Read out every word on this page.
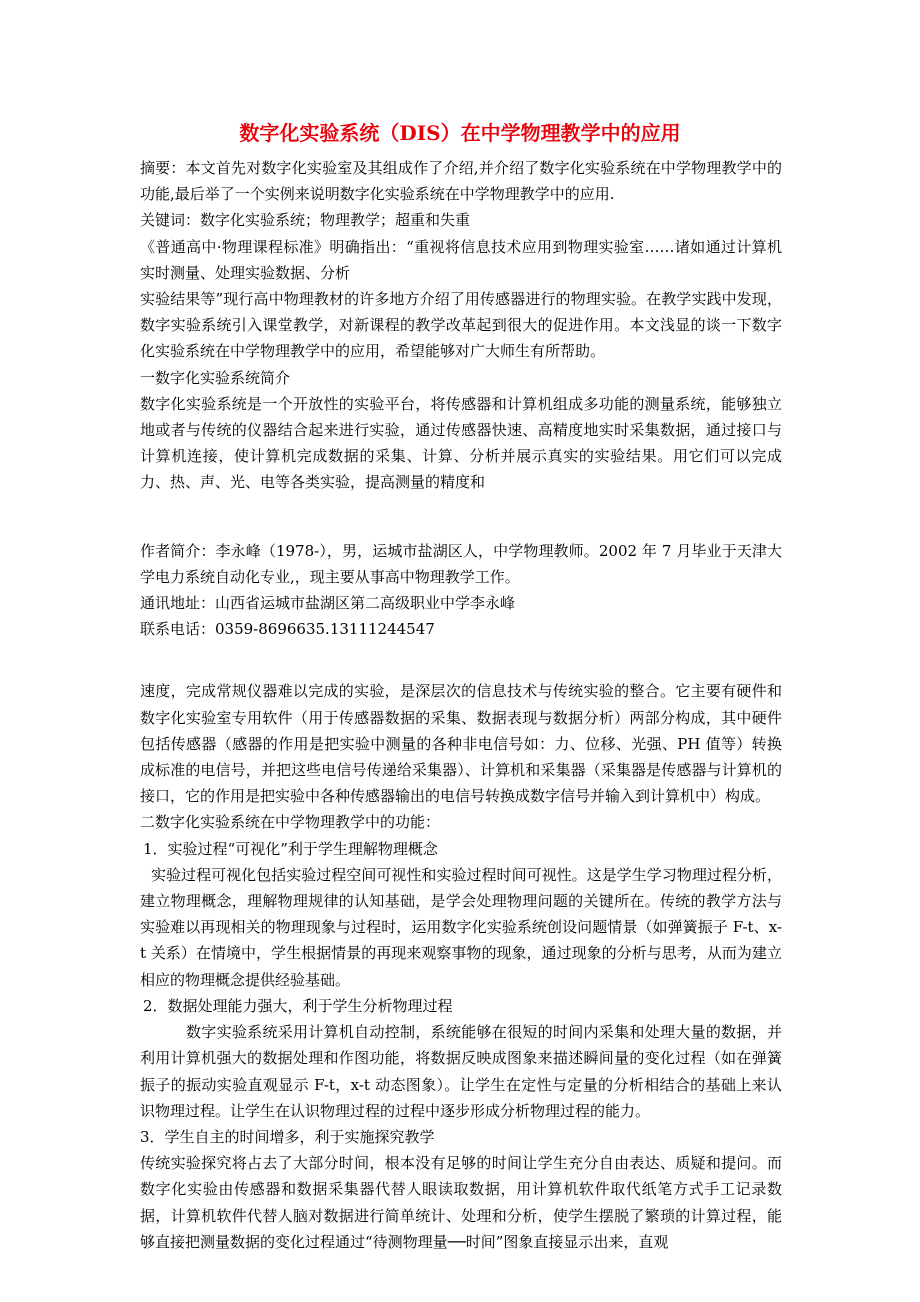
数字化实验系统（DIS）在中学物理教学中的应用

摘要：本文首先对数字化实验室及其组成作了介绍,并介绍了数字化实验系统在中学物理教学中的功能,最后举了一个实例来说明数字化实验系统在中学物理教学中的应用.

关键词：数字化实验系统；物理教学；超重和失重

《普通高中·物理课程标准》明确指出：“重视将信息技术应用到物理实验室……诸如通过计算机实时测量、处理实验数据、分析

实验结果等”现行高中物理教材的许多地方介绍了用传感器进行的物理实验。在教学实践中发现，数字实验系统引入课堂教学，对新课程的教学改革起到很大的促进作用。本文浅显的谈一下数字化实验系统在中学物理教学中的应用，希望能够对广大师生有所帮助。

一数字化实验系统简介

数字化实验系统是一个开放性的实验平台，将传感器和计算机组成多功能的测量系统，能够独立地或者与传统的仪器结合起来进行实验，通过传感器快速、高精度地实时采集数据，通过接口与计算机连接，使计算机完成数据的采集、计算、分析并展示真实的实验结果。用它们可以完成力、热、声、光、电等各类实验，提高测量的精度和

作者简介：李永峰（1978-），男，运城市盐湖区人，中学物理教师。2002 年 7 月毕业于天津大学电力系统自动化专业,，现主要从事高中物理教学工作。

通讯地址：山西省运城市盐湖区第二高级职业中学李永峰

联系电话：0359-8696635.13111244547

速度，完成常规仪器难以完成的实验，是深层次的信息技术与传统实验的整合。它主要有硬件和数字化实验室专用软件（用于传感器数据的采集、数据表现与数据分析）两部分构成，其中硬件包括传感器（感器的作用是把实验中测量的各种非电信号如：力、位移、光强、PH 值等）转换成标准的电信号，并把这些电信号传递给采集器）、计算机和采集器（采集器是传感器与计算机的接口，它的作用是把实验中各种传感器输出的电信号转换成数字信号并输入到计算机中）构成。

二数字化实验系统在中学物理教学中的功能：

1．实验过程“可视化”利于学生理解物理概念

实验过程可视化包括实验过程空间可视性和实验过程时间可视性。这是学生学习物理过程分析，建立物理概念，理解物理规律的认知基础，是学会处理物理问题的关键所在。传统的教学方法与实验难以再现相关的物理现象与过程时，运用数字化实验系统创设问题情景（如弹簧振子 F-t、x-t 关系）在情境中，学生根据情景的再现来观察事物的现象，通过现象的分析与思考，从而为建立相应的物理概念提供经验基础。

2．数据处理能力强大，利于学生分析物理过程

数字实验系统采用计算机自动控制，系统能够在很短的时间内采集和处理大量的数据，并利用计算机强大的数据处理和作图功能，将数据反映成图象来描述瞬间量的变化过程（如在弹簧振子的振动实验直观显示 F-t，x-t 动态图象）。让学生在定性与定量的分析相结合的基础上来认识物理过程。让学生在认识物理过程的过程中逐步形成分析物理过程的能力。

3．学生自主的时间增多，利于实施探究教学

传统实验探究将占去了大部分时间，根本没有足够的时间让学生充分自由表达、质疑和提问。而数字化实验由传感器和数据采集器代替人眼读取数据，用计算机软件取代纸笔方式手工记录数据，计算机软件代替人脑对数据进行简单统计、处理和分析，使学生摆脱了繁琐的计算过程，能够直接把测量数据的变化过程通过“待测物理量──时间”图象直接显示出来，直观
